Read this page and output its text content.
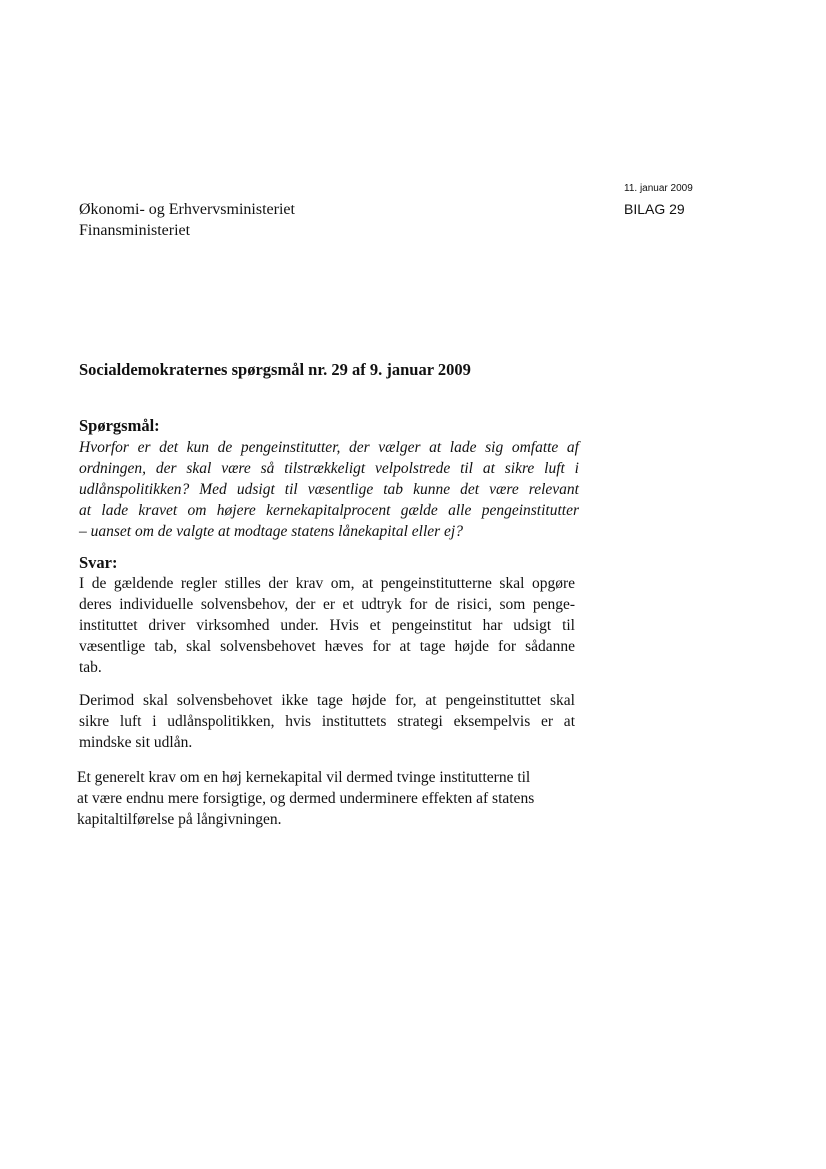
11. januar 2009
BILAG 29
Økonomi- og Erhvervsministeriet
Finansministeriet
Socialdemokraternes spørgsmål nr. 29 af 9. januar 2009
Spørgsmål:
Hvorfor er det kun de pengeinstitutter, der vælger at lade sig omfatte af
ordningen, der skal være så tilstrækkeligt velpolstrede til at sikre luft i
udlånspolitikken? Med udsigt til væsentlige tab kunne det være relevant
at lade kravet om højere kernekapitalprocent gælde alle pengeinstitutter
– uanset om de valgte at modtage statens lånekapital eller ej?
Svar:
I de gældende regler stilles der krav om, at pengeinstitutterne skal opgøre
deres individuelle solvensbehov, der er et udtryk for de risici, som penge-
instituttet driver virksomhed under. Hvis et pengeinstitut har udsigt til
væsentlige tab, skal solvensbehovet hæves for at tage højde for sådanne
tab.
Derimod skal solvensbehovet ikke tage højde for, at pengeinstituttet skal
sikre luft i udlånspolitikken, hvis instituttets strategi eksempelvis er at
mindske sit udlån.
Et generelt krav om en høj kernekapital vil dermed tvinge institutterne til
at være endnu mere forsigtige, og dermed underminere effekten af statens
kapitaltilførelse på långivningen.
